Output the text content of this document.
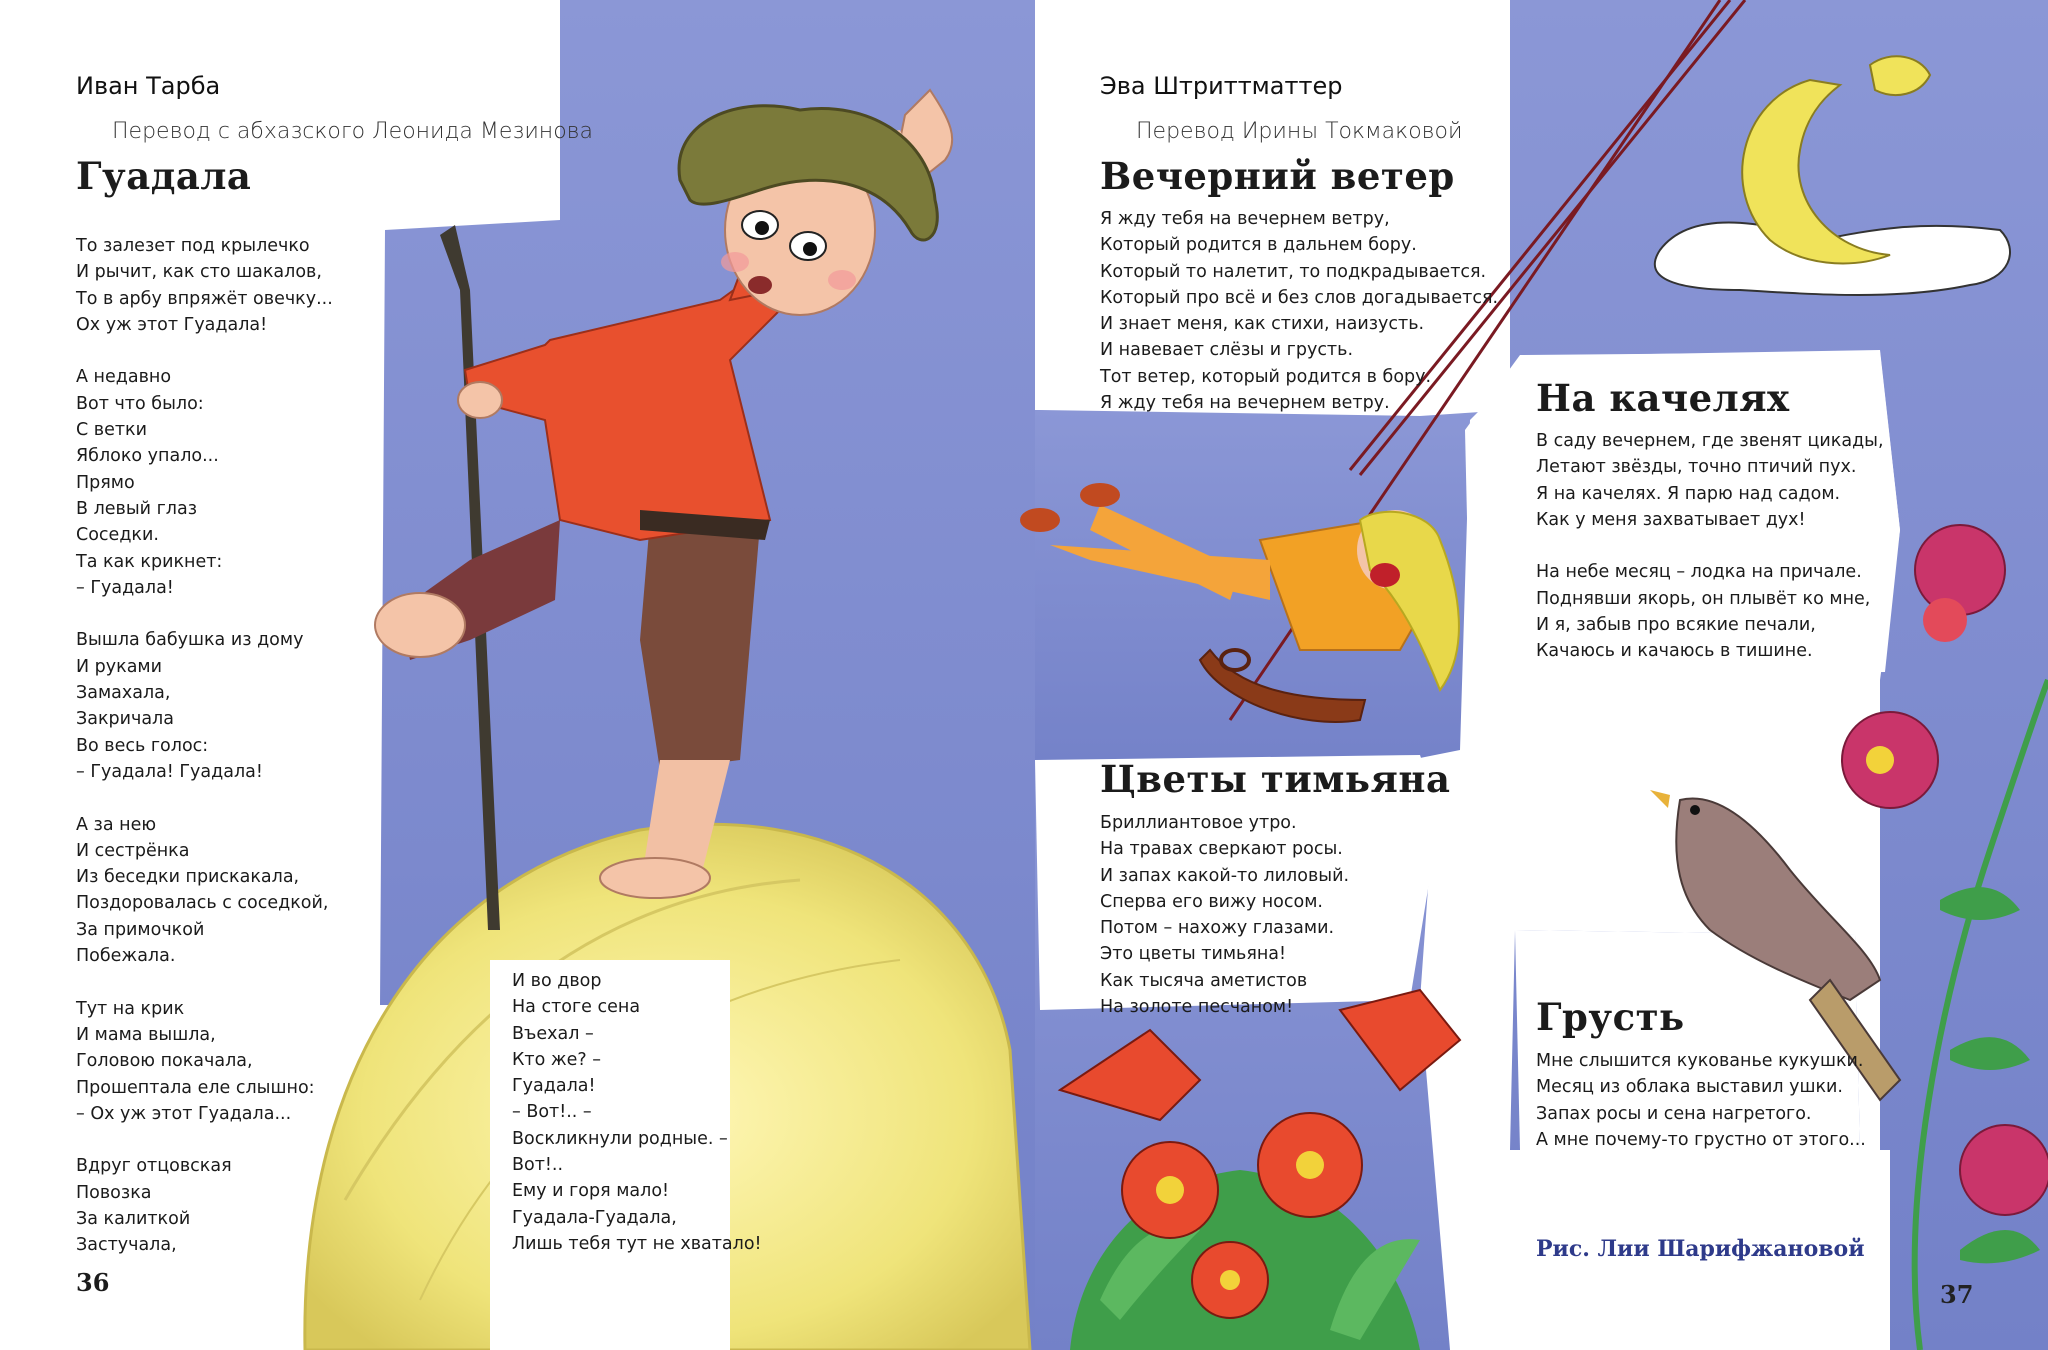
Иван Тарба
Перевод с абхазского Леонида Мезинова
Гуадала
То залезет под крылечко
И рычит, как сто шакалов,
То в арбу впряжёт овечку...
Ох уж этот Гуадала!

А недавно
Вот что было:
С ветки
Яблоко упало...
Прямо
В левый глаз
Соседки.
Та как крикнет:
– Гуадала!

Вышла бабушка из дому
И руками
Замахала,
Закричала
Во весь голос:
– Гуадала! Гуадала!

А за нею
И сестрёнка
Из беседки прискакала,
Поздоровалась с соседкой,
За примочкой
Побежала.

Тут на крик
И мама вышла,
Головою покачала,
Прошептала еле слышно:
– Ох уж этот Гуадала...

Вдруг отцовская
Повозка
За калиткой
Застучала,
И во двор
На стоге сена
Въехал –
Кто же? –
Гуадала!
– Вот!.. –
Воскликнули родные. –
Вот!..
Ему и горя мало!
Гуадала-Гуадала,
Лишь тебя тут не хватало!
36
Эва Штриттматтер
Перевод Ирины Токмаковой
Вечерний ветер
Я жду тебя на вечернем ветру,
Который родится в дальнем бору.
Который то налетит, то подкрадывается.
Который про всё и без слов догадывается.
И знает меня, как стихи, наизусть.
И навевает слёзы и грусть.
Тот ветер, который родится в бору.
Я жду тебя на вечернем ветру.	На качелях
В саду вечернем, где звенят цикады,
Летают звёзды, точно птичий пух.
Я на качелях. Я парю над садом.
Как у меня захватывает дух!

На небе месяц – лодка на причале.
Поднявши якорь, он плывёт ко мне,
И я, забыв про всякие печали,
Качаюсь и качаюсь в тишине.
Цветы тимьяна
Бриллиантовое утро.
На травах сверкают росы.
И запах какой-то лиловый.
Сперва его вижу носом.
Потом – нахожу глазами.
Это цветы тимьяна!
Как тысяча аметистов
На золоте песчаном!	Грусть
Мне слышится кукованье кукушки.
Месяц из облака выставил ушки.
Запах росы и сена нагретого.
А мне почему-то грустно от этого...
Рис. Лии Шарифжановой
37
